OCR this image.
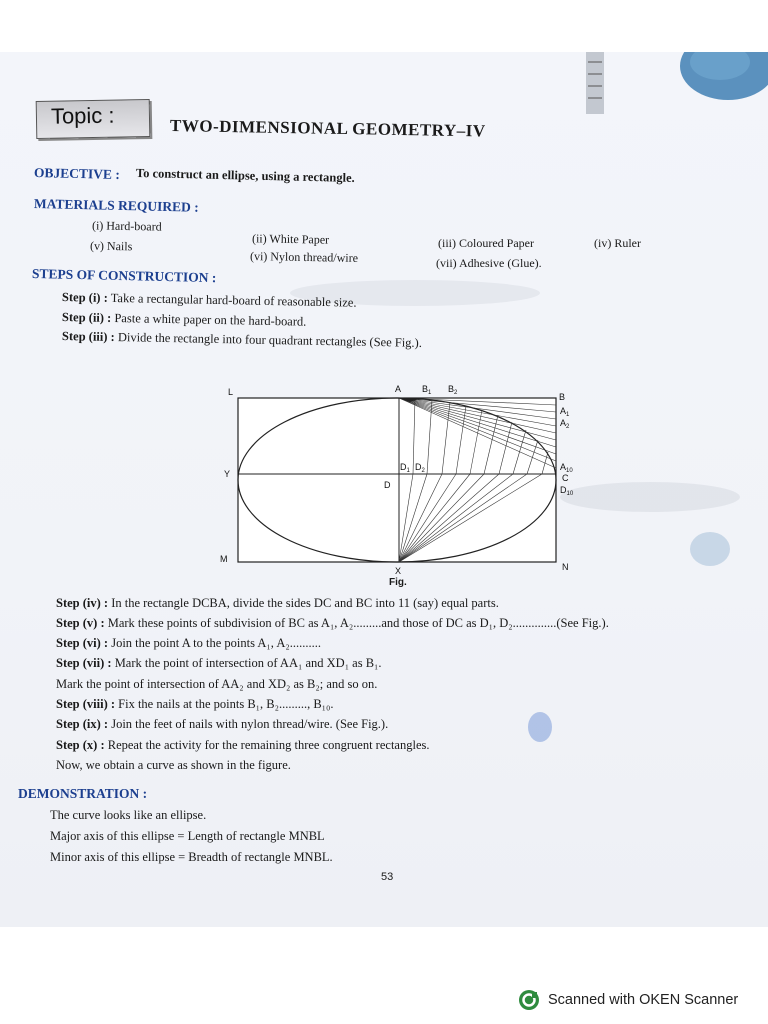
Topic :	TWO-DIMENSIONAL GEOMETRY–IV
OBJECTIVE : To construct an ellipse, using a rectangle.
MATERIALS REQUIRED :
(i) Hard-board
(ii) White Paper	(iii) Coloured Paper	(iv) Ruler
(v) Nails
(vi) Nylon thread/wire	(vii) Adhesive (Glue).
STEPS OF CONSTRUCTION :
Step (i) : Take a rectangular hard-board of reasonable size.
Step (ii) : Paste a white paper on the hard-board.
Step (iii) : Divide the rectangle into four quadrant rectangles (See Fig.).
L	A $B_1$ $B_2$	B
$A_1$
$A_2$
Y
$D_1$ $D_2$
D
$A_{10}$
C
$D_{10}$
M
X	N
Fig.
Step (iv) : In the rectangle DCBA, divide the sides DC and BC into 11 (say) equal parts.
Step (v) : Mark these points of subdivision of BC as A₁, A₂.........and those of DC as D₁, D₂..............(See Fig.).
Step (vi) : Join the point A to the points A₁, A₂..........
Step (vii) : Mark the point of intersection of AA₁ and XD₁ as B₁.
Mark the point of intersection of AA₂ and XD₂ as B₂; and so on.
Step (viii) : Fix the nails at the points B₁, B₂........., B₁₀.
Step (ix) : Join the feet of nails with nylon thread/wire. (See Fig.).
Step (x) : Repeat the activity for the remaining three congruent rectangles.
Now, we obtain a curve as shown in the figure.
DEMONSTRATION :
The curve looks like an ellipse.
Major axis of this ellipse = Length of rectangle MNBL
Minor axis of this ellipse = Breadth of rectangle MNBL.
53
Scanned with OKEN Scanner
